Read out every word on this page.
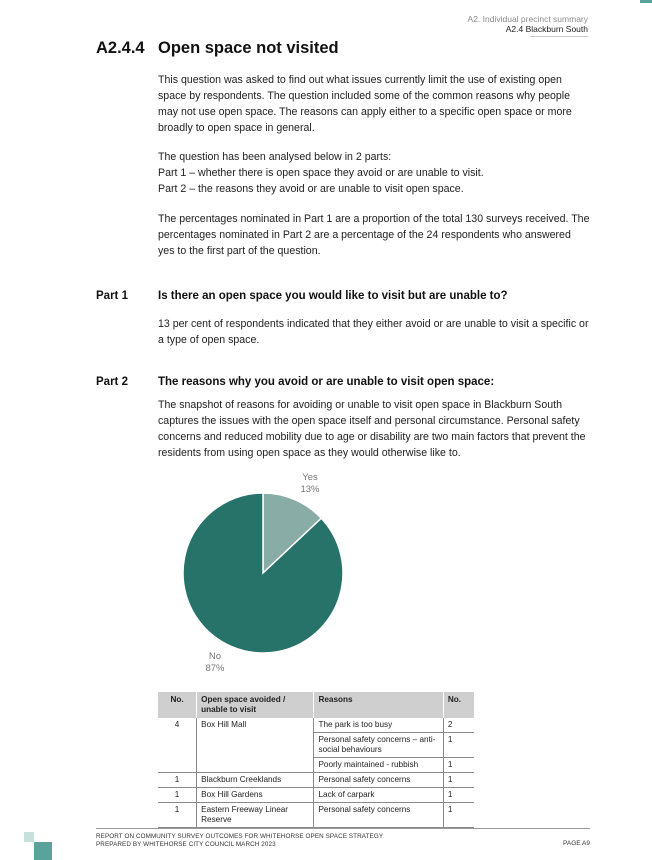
A2. Individual precinct summary
A2.4 Blackburn South
A2.4.4 Open space not visited

This question was asked to find out what issues currently limit the use of existing open space by respondents. The question included some of the common reasons why people may not use open space. The reasons can apply either to a specific open space or more broadly to open space in general.

The question has been analysed below in 2 parts:

Part 1 – whether there is open space they avoid or are unable to visit.

Part 2 – the reasons they avoid or are unable to visit open space.

The percentages nominated in Part 1 are a proportion of the total 130 surveys received. The percentages nominated in Part 2 are a percentage of the 24 respondents who answered yes to the first part of the question.

Part 1	Is there an open space you would like to visit but are unable to?

13 per cent of respondents indicated that they either avoid or are unable to visit a specific or a type of open space.

Part 2	The reasons why you avoid or are unable to visit open space:

The snapshot of reasons for avoiding or unable to visit open space in Blackburn South captures the issues with the open space itself and personal circumstance. Personal safety concerns and reduced mobility due to age or disability are two main factors that prevent the residents from using open space as they would otherwise like to.

Yes
13%
No
87%
No.	Open space avoided / unable to visit	Reasons	No.
4	Box Hill Mall	The park is too busy	2
		Personal safety concerns – anti-social behaviours	1
		Poorly maintained - rubbish	1
1	Blackburn Creeklands	Personal safety concerns	1
1	Box Hill Gardens	Lack of carpark	1
1	Eastern Freeway Linear Reserve	Personal safety concerns	1
REPORT ON COMMUNITY SURVEY OUTCOMES FOR WHITEHORSE OPEN SPACE STRATEGY
PREPARED BY WHITEHORSE CITY COUNCIL MARCH 2023	PAGE A9
